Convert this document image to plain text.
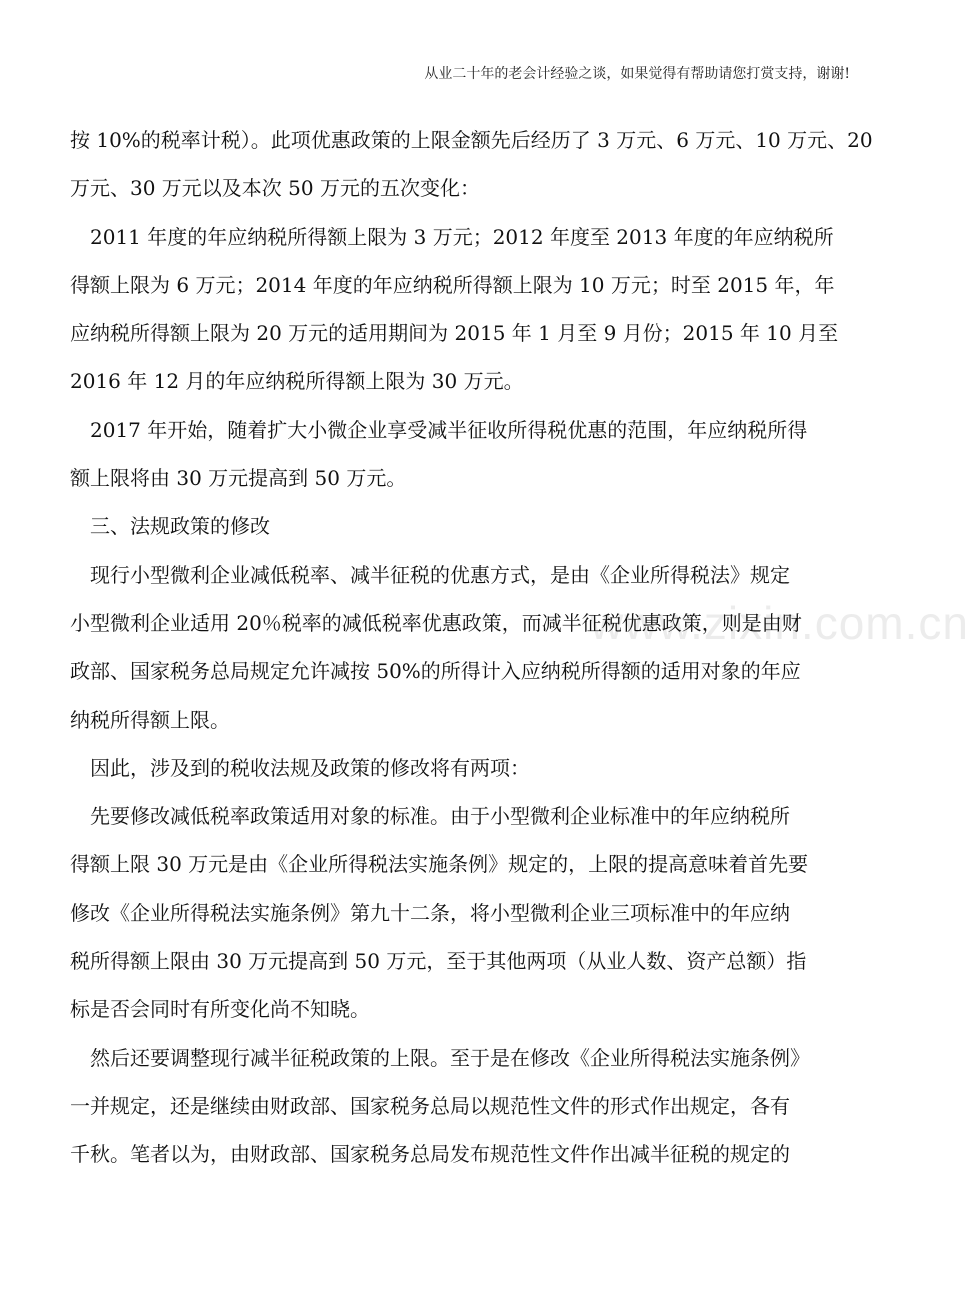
从业二十年的老会计经验之谈，如果觉得有帮助请您打赏支持，谢谢!
www.zixin.com.cn

按 10%的税率计税）。此项优惠政策的上限金额先后经历了 3 万元、6 万元、10 万元、20
万元、30 万元以及本次 50 万元的五次变化：

2011 年度的年应纳税所得额上限为 3 万元；2012 年度至 2013 年度的年应纳税所
得额上限为 6 万元；2014 年度的年应纳税所得额上限为 10 万元；时至 2015 年，年
应纳税所得额上限为 20 万元的适用期间为 2015 年 1 月至 9 月份；2015 年 10 月至
2016 年 12 月的年应纳税所得额上限为 30 万元。

2017 年开始，随着扩大小微企业享受减半征收所得税优惠的范围，年应纳税所得
额上限将由 30 万元提高到 50 万元。

三、法规政策的修改

现行小型微利企业减低税率、减半征税的优惠方式，是由《企业所得税法》规定
小型微利企业适用 20％税率的减低税率优惠政策，而减半征税优惠政策，则是由财
政部、国家税务总局规定允许减按 50%的所得计入应纳税所得额的适用对象的年应
纳税所得额上限。

因此，涉及到的税收法规及政策的修改将有两项：

先要修改减低税率政策适用对象的标准。由于小型微利企业标准中的年应纳税所
得额上限 30 万元是由《企业所得税法实施条例》规定的，上限的提高意味着首先要
修改《企业所得税法实施条例》第九十二条，将小型微利企业三项标准中的年应纳
税所得额上限由 30 万元提高到 50 万元，至于其他两项（从业人数、资产总额）指
标是否会同时有所变化尚不知晓。

然后还要调整现行减半征税政策的上限。至于是在修改《企业所得税法实施条例》
一并规定，还是继续由财政部、国家税务总局以规范性文件的形式作出规定，各有
千秋。笔者以为，由财政部、国家税务总局发布规范性文件作出减半征税的规定的
